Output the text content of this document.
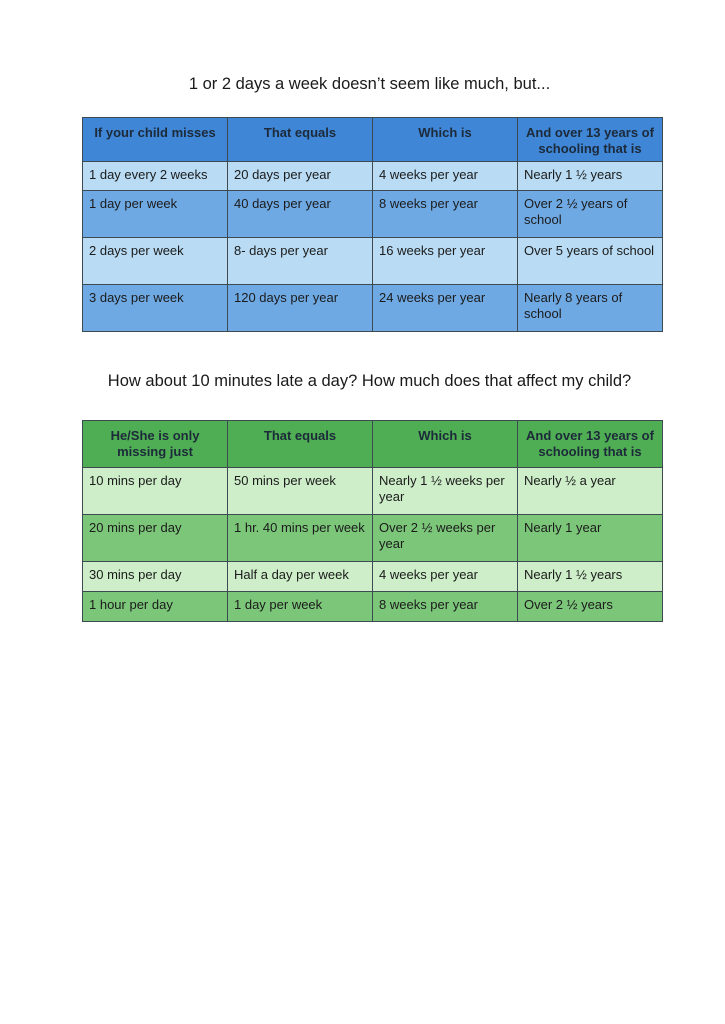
1 or 2 days a week doesn’t seem like much, but...
If your child misses	That equals	Which is	And over 13 years of schooling that is
1 day every 2 weeks	20 days per year	4 weeks per year	Nearly 1 ½ years
1 day per week	40 days per year	8 weeks per year	Over 2 ½ years of school
2 days per week	8- days per year	16 weeks per year	Over 5 years of school
3 days per week	120 days per year	24 weeks per year	Nearly 8 years of school
How about 10 minutes late a day? How much does that affect my child?
He/She is only missing just	That equals	Which is	And over 13 years of schooling that is
10 mins per day	50 mins per week	Nearly 1 ½ weeks per year	Nearly ½ a year
20 mins per day	1 hr. 40 mins per week	Over 2 ½ weeks per year	Nearly 1 year
30 mins per day	Half a day per week	4 weeks per year	Nearly 1 ½ years
1 hour per day	1 day per week	8 weeks per year	Over 2 ½ years
